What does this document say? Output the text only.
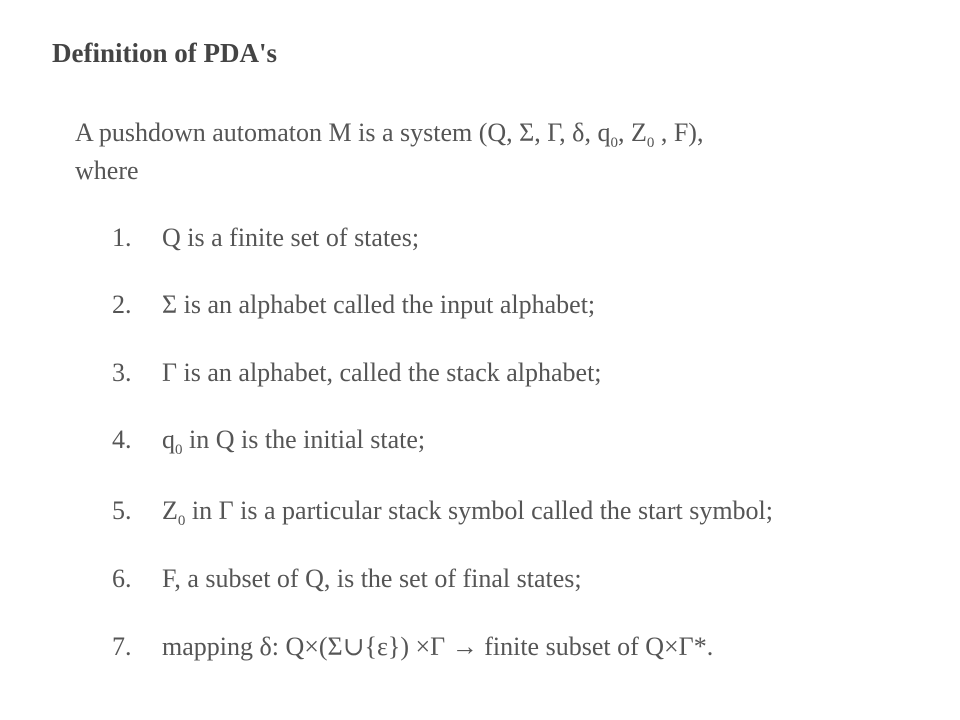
Definition of PDA's
A pushdown automaton M is a system (Q, Σ, Γ, δ, $q_0$, $Z_0$ , F),
where
1. Q is a finite set of states;
2. Σ is an alphabet called the input alphabet;
3. Γ is an alphabet, called the stack alphabet;
4. $q_0$ in Q is the initial state;
5. $Z_0$ in Γ is a particular stack symbol called the start symbol;
6. F, a subset of Q, is the set of final states;
7. mapping δ: Q×(Σ∪{ε}) ×Γ → finite subset of Q×Γ*.
